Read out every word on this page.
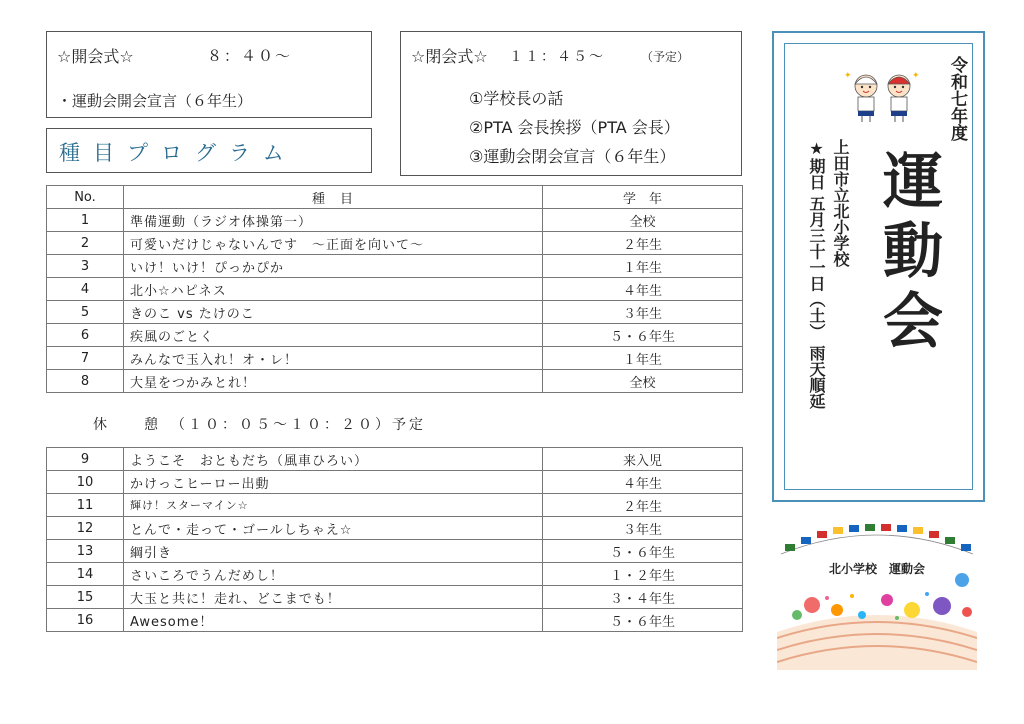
☆開会式☆	８：４０～
・運動会開会宣言（６年生）
種目プログラム
☆閉会式☆ １１：４５～	（予定）
①学校長の話
②PTA 会長挨拶（PTA 会長）
③運動会閉会宣言（６年生）
No.	種　目	学　年
1	準備運動（ラジオ体操第一）	全校
2	可愛いだけじゃないんです　～正面を向いて～	２年生
3	いけ！いけ！ぴっかぴか	１年生
4	北小☆ハピネス	４年生
5	きのこ vs たけのこ	３年生
6	疾風のごとく	５・６年生
7	みんなで玉入れ！オ・レ！	１年生
8	大星をつかみとれ！	全校
休　　憩　（１０：０５～１０：２０）予定
9	ようこそ　おともだち（風車ひろい）	来入児
10	かけっこヒーロー出動	４年生
11	輝け！スターマイン☆	２年生
12	とんで・走って・ゴールしちゃえ☆	３年生
13	綱引き	５・６年生
14	さいころでうんだめし！	１・２年生
15	大玉と共に！走れ、どこまでも！	３・４年生
16	Awesome！	５・６年生
令和七年度
運動会
上田市立北小学校
★期日 五月三十一日（土） 雨天順延
✦	✦
北小学校　運動会
